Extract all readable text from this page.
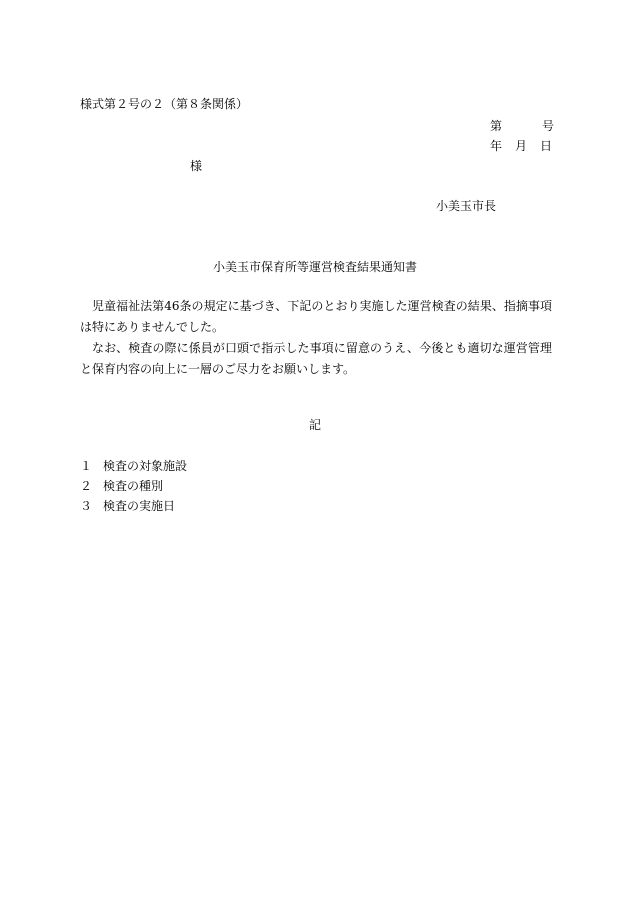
様式第２号の２（第８条関係）
第	号
年 月 日
様
小美玉市長
小美玉市保育所等運営検査結果通知書

児童福祉法第46条の規定に基づき、下記のとおり実施した運営検査の結果、指摘事項は特にありませんでした。

なお、検査の際に係員が口頭で指示した事項に留意のうえ、今後とも適切な運営管理と保育内容の向上に一層のご尽力をお願いします。

記
１ 検査の対象施設
２ 検査の種別
３ 検査の実施日
